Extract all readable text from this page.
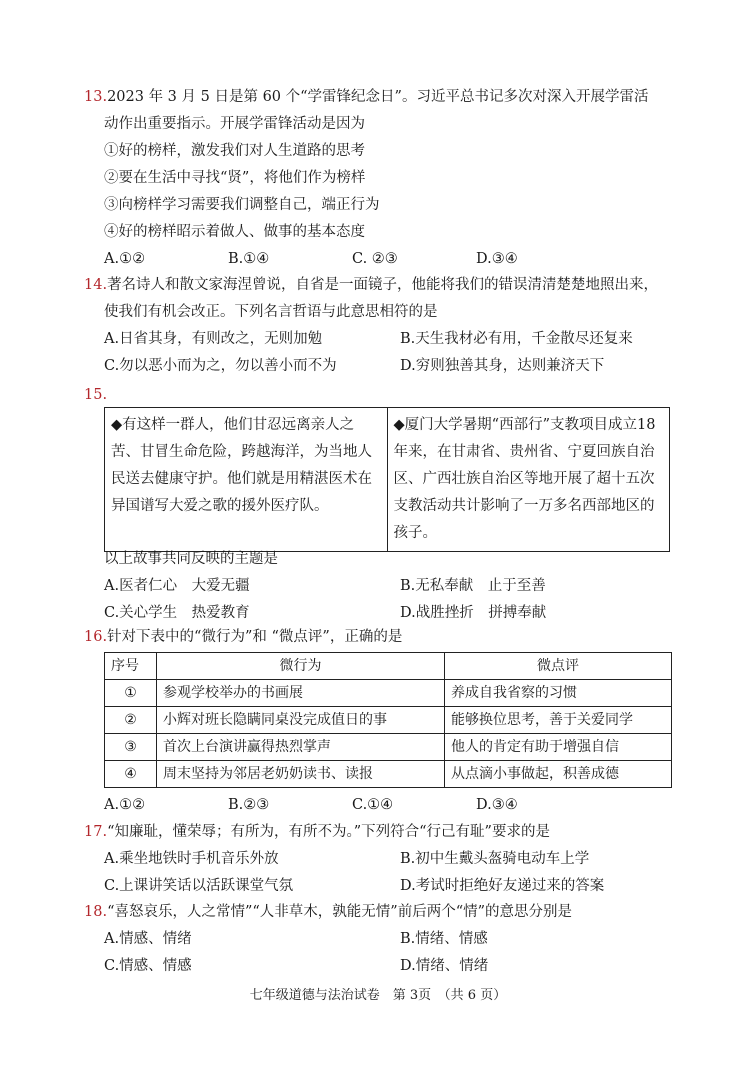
13.2023 年 3 月 5 日是第 60 个“学雷锋纪念日”。习近平总书记多次对深入开展学雷活
动作出重要指示。开展学雷锋活动是因为
①好的榜样，激发我们对人生道路的思考
②要在生活中寻找“贤”，将他们作为榜样
③向榜样学习需要我们调整自己，端正行为
④好的榜样昭示着做人、做事的基本态度
A.①②	B.①④	C. ②③	D.③④
14.著名诗人和散文家海涅曾说，自省是一面镜子，他能将我们的错误清清楚楚地照出来，
使我们有机会改正。下列名言哲语与此意思相符的是
A.日省其身，有则改之，无则加勉	B.天生我材必有用，千金散尽还复来
C.勿以恶小而为之，勿以善小而不为	D.穷则独善其身，达则兼济天下
15.
◆有这样一群人，他们甘忍远离亲人之苦、甘冒生命危险，跨越海洋，为当地人民送去健康守护。他们就是用精湛医术在异国谱写大爱之歌的援外医疗队。	◆厦门大学暑期“西部行”支教项目成立18年来，在甘肃省、贵州省、宁夏回族自治区、广西壮族自治区等地开展了超十五次支教活动共计影响了一万多名西部地区的孩子。
以上故事共同反映的主题是
A.医者仁心　大爱无疆	B.无私奉献　止于至善
C.关心学生　热爱教育	D.战胜挫折　拼搏奉献
16.针对下表中的“微行为”和 “微点评”，正确的是
序号	微行为	微点评
①	参观学校举办的书画展	养成自我省察的习惯
②	小辉对班长隐瞒同桌没完成值日的事	能够换位思考，善于关爱同学
③	首次上台演讲赢得热烈掌声	他人的肯定有助于增强自信
④	周末坚持为邻居老奶奶读书、读报	从点滴小事做起，积善成德
A.①②	B.②③	C.①④	D.③④
17.“知廉耻，懂荣辱；有所为，有所不为。”下列符合“行己有耻”要求的是
A.乘坐地铁时手机音乐外放	B.初中生戴头盔骑电动车上学
C.上课讲笑话以活跃课堂气氛	D.考试时拒绝好友递过来的答案
18.“喜怒哀乐，人之常情”“人非草木，孰能无情”前后两个“情”的意思分别是
A.情感、情绪	B.情绪、情感
C.情感、情感	D.情绪、情绪
七年级道德与法治试卷　第 3页　（共 6 页）
